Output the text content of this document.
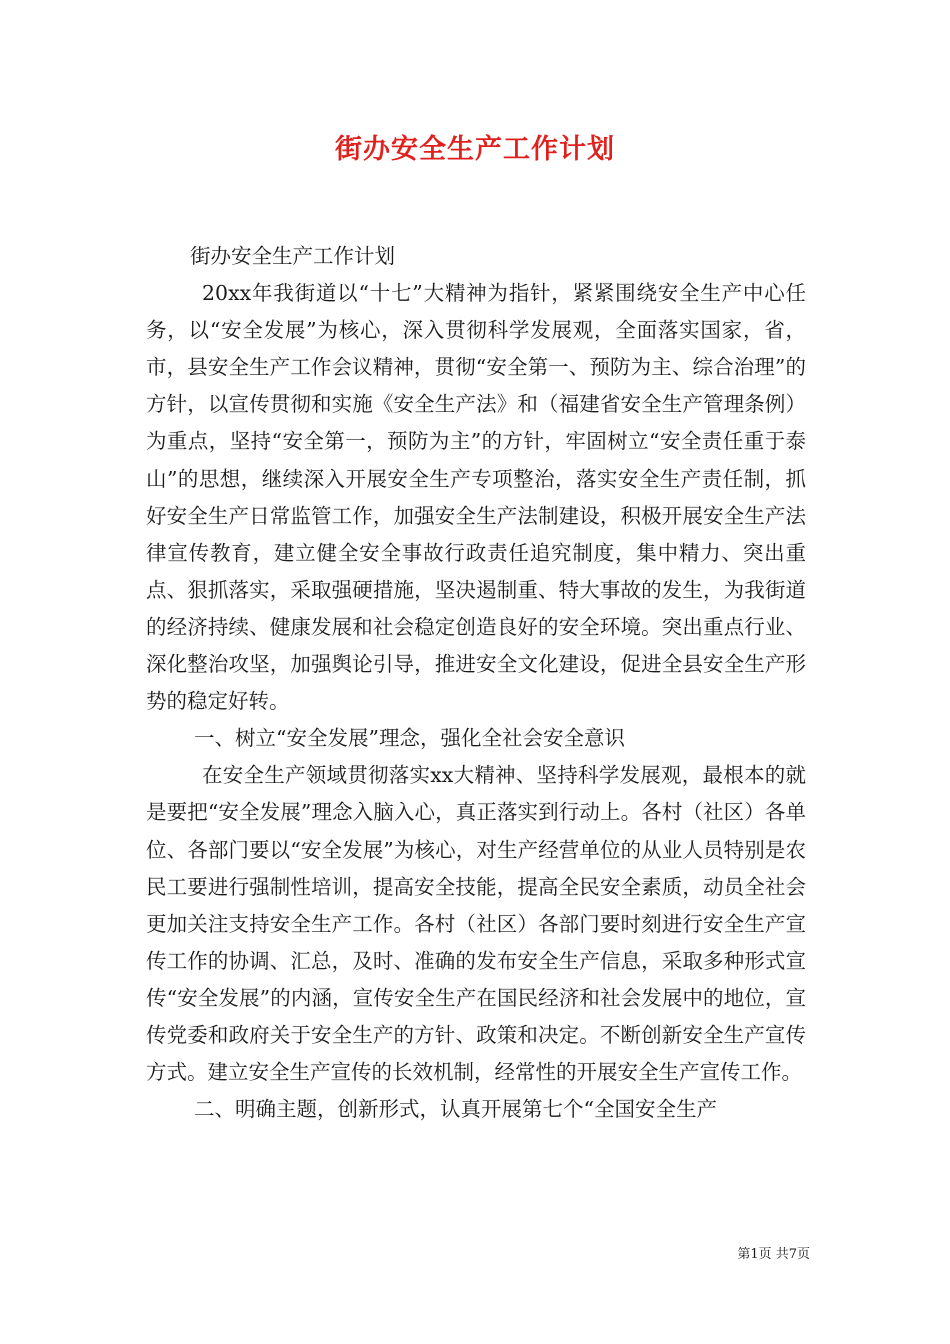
街办安全生产工作计划

街办安全生产工作计划

20xx年我街道以“十七”大精神为指针，紧紧围绕安全生产中心任务，以“安全发展”为核心，深入贯彻科学发展观，全面落实国家，省，市，县安全生产工作会议精神，贯彻“安全第一、预防为主、综合治理”的方针，以宣传贯彻和实施《安全生产法》和（福建省安全生产管理条例）为重点，坚持“安全第一，预防为主”的方针，牢固树立“安全责任重于泰山”的思想，继续深入开展安全生产专项整治，落实安全生产责任制，抓好安全生产日常监管工作，加强安全生产法制建设，积极开展安全生产法律宣传教育，建立健全安全事故行政责任追究制度，集中精力、突出重点、狠抓落实，采取强硬措施，坚决遏制重、特大事故的发生，为我街道的经济持续、健康发展和社会稳定创造良好的安全环境。突出重点行业、深化整治攻坚，加强舆论引导，推进安全文化建设，促进全县安全生产形势的稳定好转。

一、树立“安全发展”理念，强化全社会安全意识

在安全生产领域贯彻落实xx大精神、坚持科学发展观，最根本的就是要把“安全发展”理念入脑入心，真正落实到行动上。各村（社区）各单位、各部门要以“安全发展”为核心，对生产经营单位的从业人员特别是农民工要进行强制性培训，提高安全技能，提高全民安全素质，动员全社会更加关注支持安全生产工作。各村（社区）各部门要时刻进行安全生产宣传工作的协调、汇总，及时、准确的发布安全生产信息，采取多种形式宣传“安全发展”的内涵，宣传安全生产在国民经济和社会发展中的地位，宣传党委和政府关于安全生产的方针、政策和决定。不断创新安全生产宣传方式。建立安全生产宣传的长效机制，经常性的开展安全生产宣传工作。

二、明确主题，创新形式，认真开展第七个“全国安全生产

第1页 共7页
